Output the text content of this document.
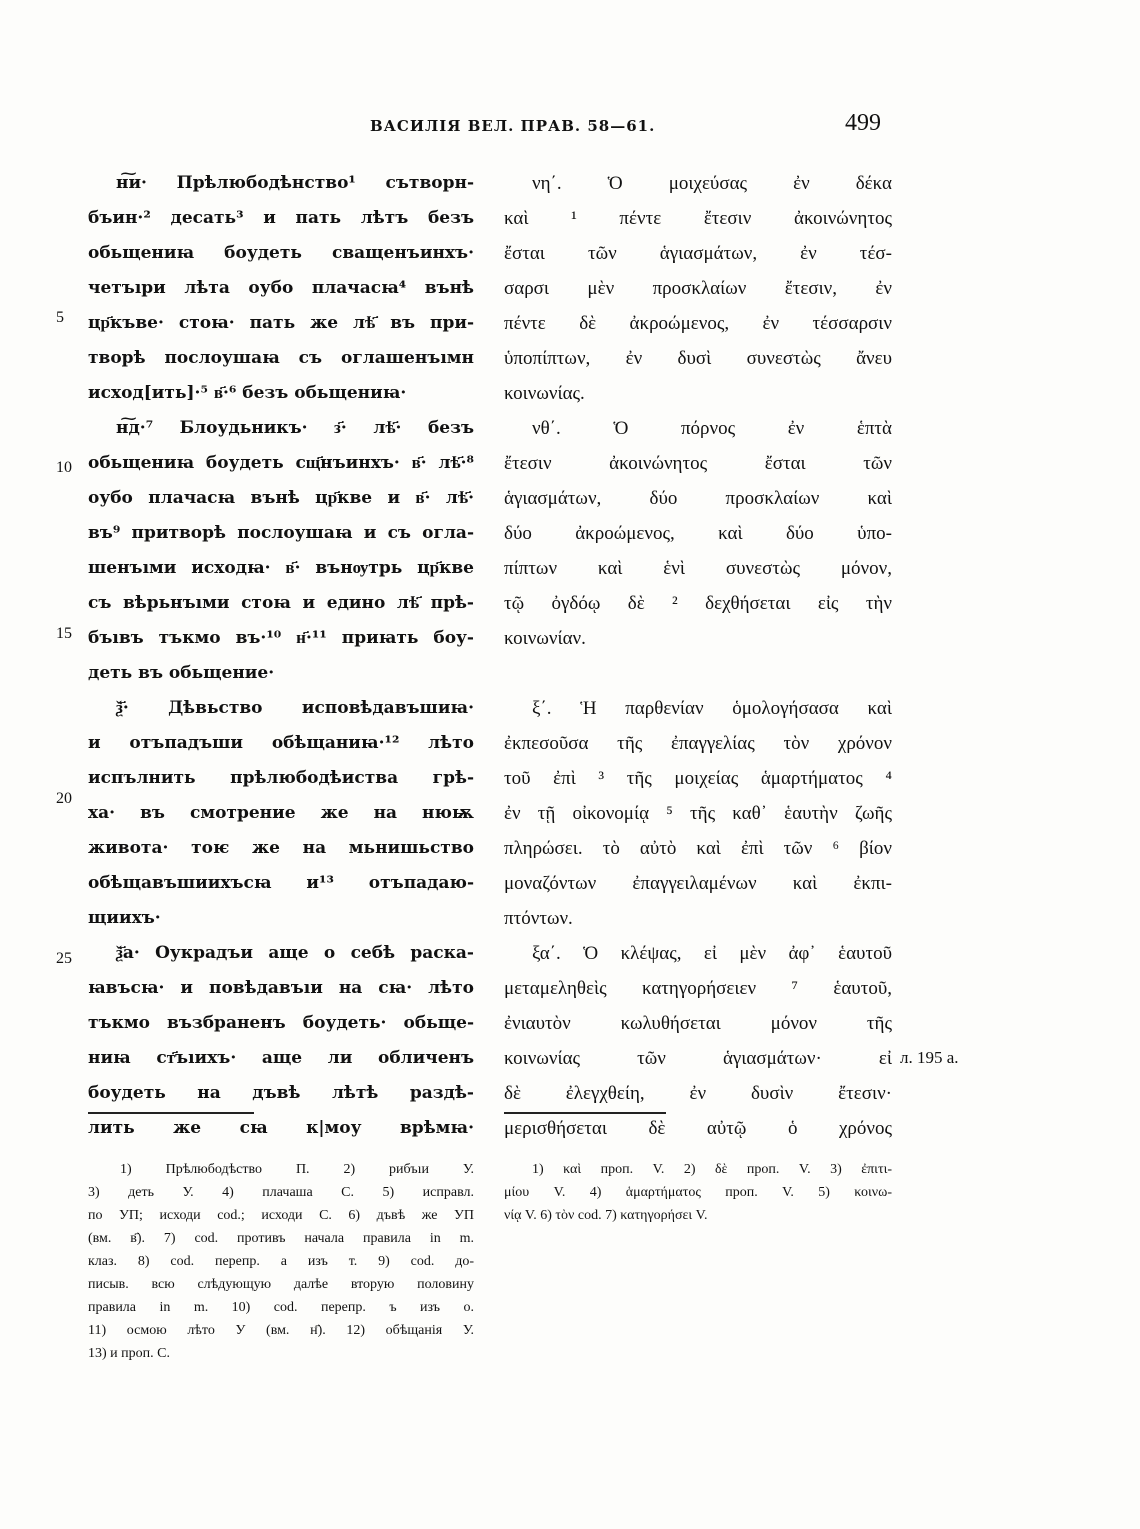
ВАСИЛІЯ ВЕЛ. ПРАВ. 58—61.	499
5
10
15
20
25
н͠и· Прѣлюбодѣнство¹ сътворн-
бъин·² десать³ и пать лѣтъ безъ
обьщениꙗ боудеть сващенъинхъ·
четъıри лѣта оубо плачасꙗ⁴ вънѣ
цр҃къве· стоꙗ· пать же лѣ҃ въ при-
творѣ послоушаꙗ съ оглашенъıмн
исход[ить]·⁵ в҃·⁶ безъ обьщениꙗ·
н͠д·⁷ Блоудьникъ· з҃· лѣ҃· безъ
обьщениꙗ боудеть сщ҃нъинхъ· в҃· лѣ҃·⁸
оубо плачасꙗ вънѣ цр҃кве и в҃· лѣ҃·
въ⁹ притворѣ послоушаꙗ и съ огла-
шенъıми исходꙗ· в҃· вънѹтрь цр҃кве
съ вѣрьнъıми стоꙗ и едино лѣ҃ прѣ-
бъıвъ тъкмо въ·¹⁰ н҃·¹¹ приꙗть боу-
деть въ обьщение·
ѯ҃· Дѣвьство исповѣдавъшиꙗ·
и отъпадъши обѣщаниꙗ·¹² лѣто
испълнить прѣлюбодѣиства грѣ-
ха· въ смотрение же на нюѭ
живота· тоѥ же на мьнишьство
обѣщавъшиихъсꙗ и¹³ отъпадаю-
щиихъ·
ѯ҃а· Оукрадъи аще о себѣ раска-
ꙗвъсꙗ· и повѣдавъıи на сꙗ· лѣто
тъкмо възбраненъ боудеть· обьще-
ниꙗ ст҃ъıихъ· аще ли обличенъ
боудеть на дъвѣ лѣтѣ раздѣ-
лить же сꙗ к|моу врѣмꙗ·
νη΄. Ὁ μοιχεύσας ἐν δέκα
καὶ ¹ πέντε ἔτεσιν ἀκοινώνητος
ἔσται τῶν ἁγιασμάτων, ἐν τέσ-
σαρσι μὲν προσκλαίων ἔτεσιν, ἐν
πέντε δὲ ἀκροώμενος, ἐν τέσσαρσιν
ὑποπίπτων, ἐν δυσὶ συνεστὼς ἄνευ
κοινωνίας.
νθ΄. Ὁ πόρνος ἐν ἑπτὰ
ἔτεσιν ἀκοινώνητος ἔσται τῶν
ἁγιασμάτων, δύο προσκλαίων καὶ
δύο ἀκροώμενος, καὶ δύο ὑπο-
πίπτων καὶ ἑνὶ συνεστὼς μόνον,
τῷ ὀγδόῳ δὲ ² δεχθήσεται εἰς τὴν
κοινωνίαν.
ξ΄. Ἡ παρθενίαν ὁμολογήσασα καὶ
ἐκπεσοῦσα τῆς ἐπαγγελίας τὸν χρόνον
τοῦ ἐπὶ ³ τῆς μοιχείας ἁμαρτήματος ⁴
ἐν τῇ οἰκονομίᾳ ⁵ τῆς καθ᾽ ἑαυτὴν ζωῆς
πληρώσει. τὸ αὐτὸ καὶ ἐπὶ τῶν ⁶ βίον
μοναζόντων ἐπαγγειλαμένων καὶ ἐκπι-
πτόντων.
ξα΄. Ὁ κλέψας, εἰ μὲν ἀφ᾽ ἑαυτοῦ
μεταμεληθεὶς κατηγορήσειεν ⁷ ἑαυτοῦ,
ἐνιαυτὸν κωλυθήσεται μόνον τῆς
κοινωνίας τῶν ἁγιασμάτων· εἰ
δὲ ἐλεγχθείη, ἐν δυσὶν ἔτεσιν·
μερισθήσεται δὲ αὐτῷ ὁ χρόνος
л. 195 а.
1) Прѣлюбодѣство П. 2) рибъıи У.
3) деть У. 4) плачаша С. 5) исправл.
по УП; исходи cod.; исходи С. 6) дъвѣ же УП
(вм. в҃). 7) cod. противъ начала правила in m.
клаз. 8) cod. перепр. а изъ т. 9) cod. до-
писыв. всю слѣдующую далѣе вторую половину
правила in m. 10) cod. перепр. ъ изъ о.
11) осмою лѣто У (вм. н҃). 12) обѣщанiя У.
13) и проп. С.
1) καὶ проп. V. 2) δὲ проп. V. 3) ἐπιτι-
μίου V. 4) ἁμαρτήματος проп. V. 5) κοινω-
νίᾳ V. 6) τὸν cod. 7) κατηγορήσει V.
